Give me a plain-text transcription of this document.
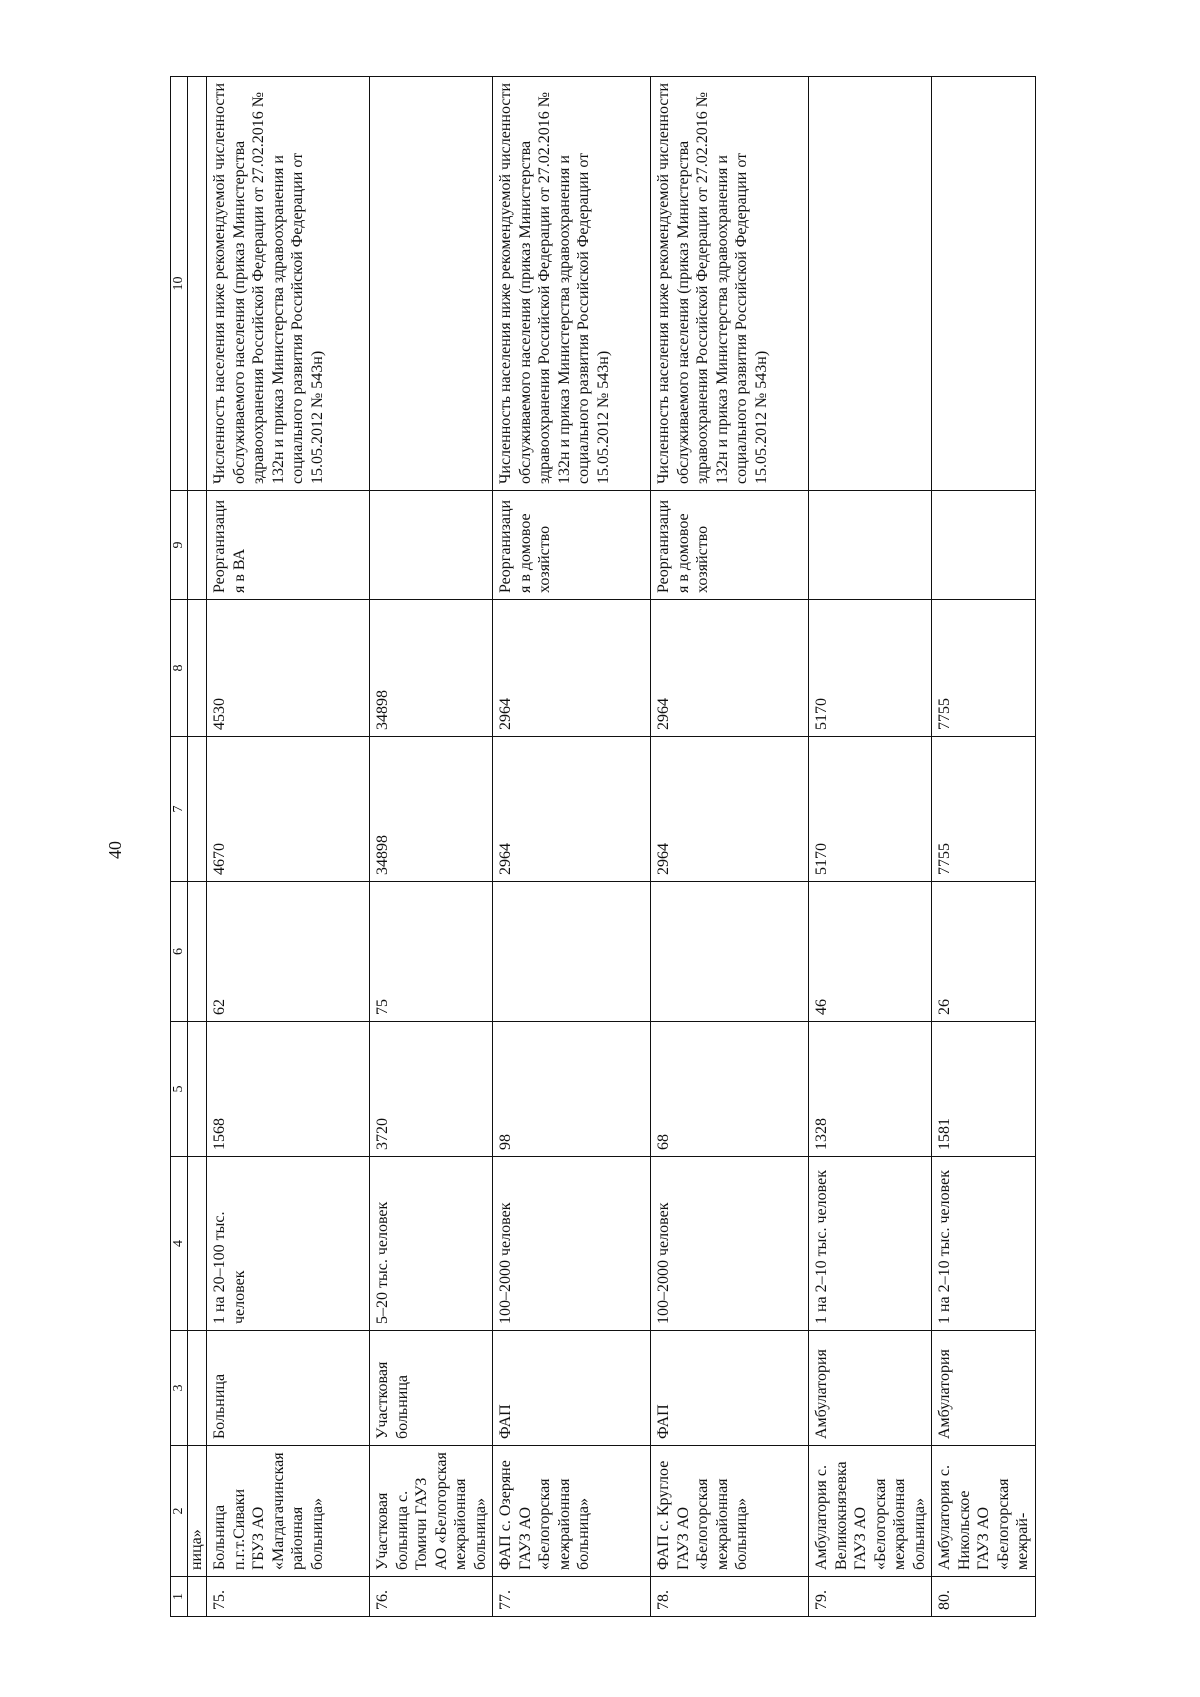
40
1	2	3	4	5	6	7	8	9	10
	ница»								
75.	Больница п.г.т.Сиваки ГБУЗ АО «Магдагачинская районная больница»	Больница	1 на 20–100 тыс. человек	1568	62	4670	4530	Реорганизация в ВА	Численность населения ниже рекомендуемой численности обслуживаемого населения (приказ Министерства здравоохранения Российской Федерации от 27.02.2016 № 132н и приказ Министерства здравоохранения и социального развития Российской Федерации от 15.05.2012 № 543н)
76.	Участковая больница с. Томичи ГАУЗ АО «Белогорская межрайонная больница»	Участковая больница	5–20 тыс. человек	3720	75	34898	34898		
77.	ФАП с. Озеряне ГАУЗ АО «Белогорская межрайонная больница»	ФАП	100–2000 человек	98		2964	2964	Реорганизация в домовое хозяйство	Численность населения ниже рекомендуемой численности обслуживаемого населения (приказ Министерства здравоохранения Российской Федерации от 27.02.2016 № 132н и приказ Министерства здравоохранения и социального развития Российской Федерации от 15.05.2012 № 543н)
78.	ФАП с. Круглое ГАУЗ АО «Белогорская межрайонная больница»	ФАП	100–2000 человек	68		2964	2964	Реорганизация в домовое хозяйство	Численность населения ниже рекомендуемой численности обслуживаемого населения (приказ Министерства здравоохранения Российской Федерации от 27.02.2016 № 132н и приказ Министерства здравоохранения и социального развития Российской Федерации от 15.05.2012 № 543н)
79.	Амбулатория с. Великокнязевка ГАУЗ АО «Белогорская межрайонная больница»	Амбулатория	1 на 2–10 тыс. человек	1328	46	5170	5170		
80.	Амбулатория с. Никольское ГАУЗ АО «Белогорская межрай-	Амбулатория	1 на 2–10 тыс. человек	1581	26	7755	7755		
